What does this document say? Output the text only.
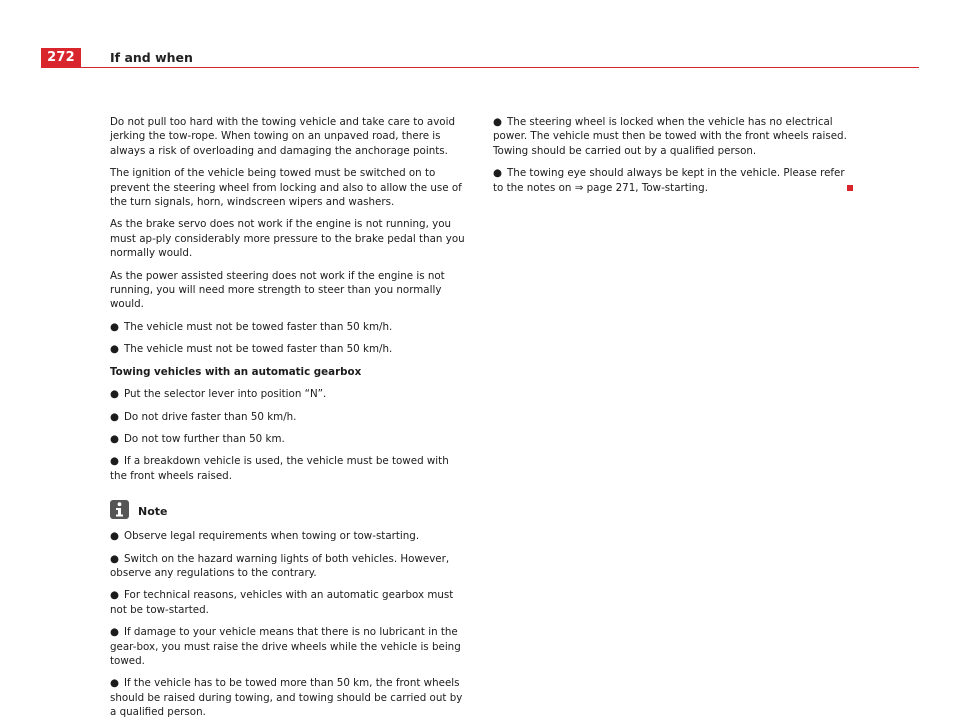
272	If and when

Do not pull too hard with the towing vehicle and take care to avoid jerking the tow-rope. When towing on an unpaved road, there is always a risk of overloading and damaging the anchorage points.

The ignition of the vehicle being towed must be switched on to prevent the steering wheel from locking and also to allow the use of the turn signals, horn, windscreen wipers and washers.

As the brake servo does not work if the engine is not running, you must ap-ply considerably more pressure to the brake pedal than you normally would.

As the power assisted steering does not work if the engine is not running, you will need more strength to steer than you normally would.

● The vehicle must not be towed faster than 50 km/h.
● The vehicle must not be towed faster than 50 km/h.
Towing vehicles with an automatic gearbox
● Put the selector lever into position “N”.
● Do not drive faster than 50 km/h.
● Do not tow further than 50 km.
● If a breakdown vehicle is used, the vehicle must be towed with the front wheels raised.
Note
● Observe legal requirements when towing or tow-starting.
● Switch on the hazard warning lights of both vehicles. However, observe any regulations to the contrary.
● For technical reasons, vehicles with an automatic gearbox must not be tow-started.
● If damage to your vehicle means that there is no lubricant in the gear-box, you must raise the drive wheels while the vehicle is being towed.
● If the vehicle has to be towed more than 50 km, the front wheels should be raised during towing, and towing should be carried out by a qualified person.
● The steering wheel is locked when the vehicle has no electrical power. The vehicle must then be towed with the front wheels raised. Towing should be carried out by a qualified person.
● The towing eye should always be kept in the vehicle. Please refer to the notes on ⇒ page 271, Tow-starting.
